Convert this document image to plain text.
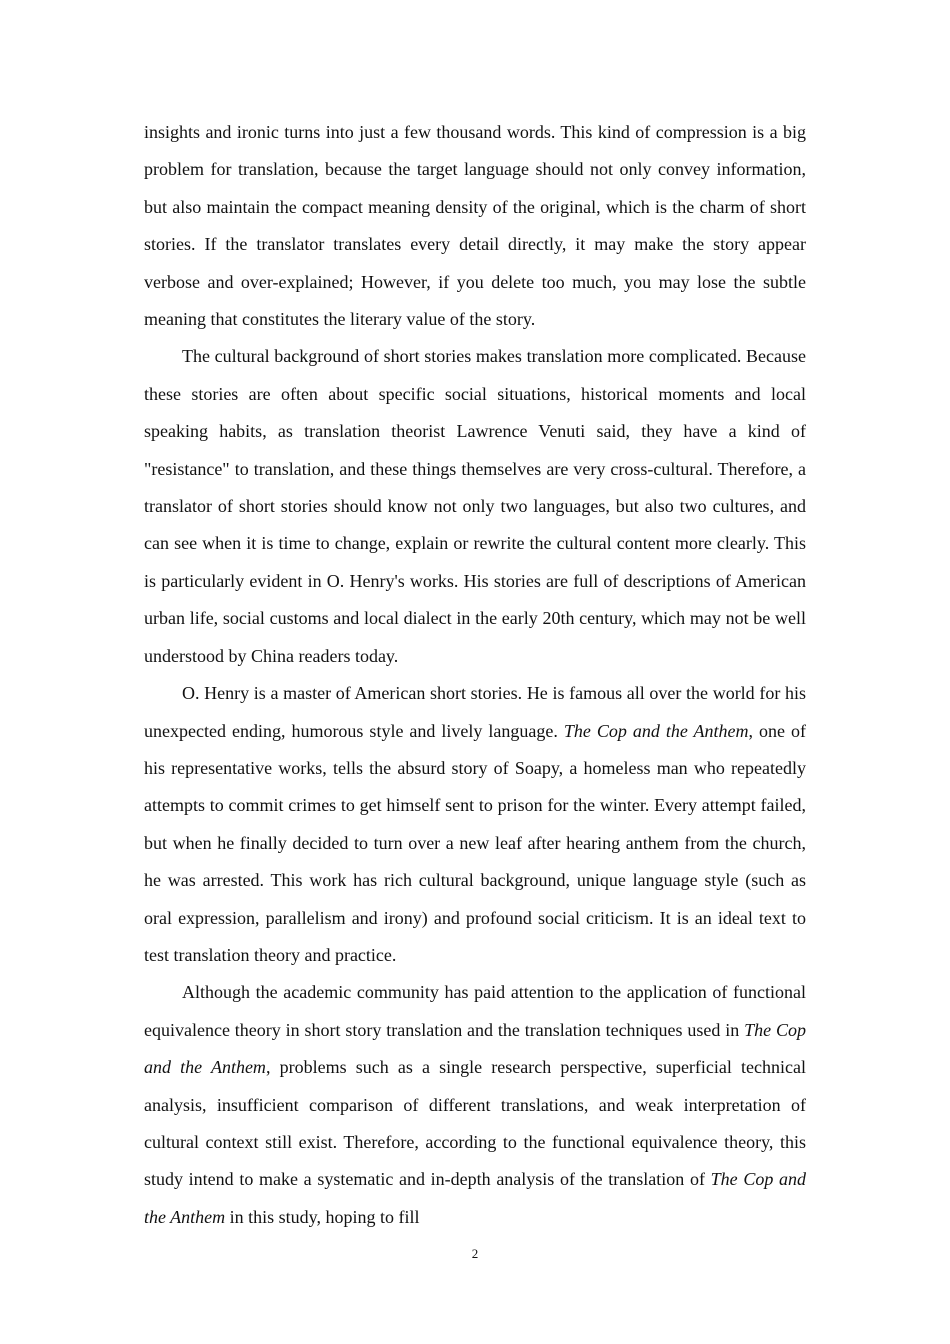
insights and ironic turns into just a few thousand words. This kind of compression is a big problem for translation, because the target language should not only convey information, but also maintain the compact meaning density of the original, which is the charm of short stories. If the translator translates every detail directly, it may make the story appear verbose and over-explained; However, if you delete too much, you may lose the subtle meaning that constitutes the literary value of the story.

The cultural background of short stories makes translation more complicated. Because these stories are often about specific social situations, historical moments and local speaking habits, as translation theorist Lawrence Venuti said, they have a kind of "resistance" to translation, and these things themselves are very cross-cultural. Therefore, a translator of short stories should know not only two languages, but also two cultures, and can see when it is time to change, explain or rewrite the cultural content more clearly. This is particularly evident in O. Henry's works. His stories are full of descriptions of American urban life, social customs and local dialect in the early 20th century, which may not be well understood by China readers today.

O. Henry is a master of American short stories. He is famous all over the world for his unexpected ending, humorous style and lively language. The Cop and the Anthem, one of his representative works, tells the absurd story of Soapy, a homeless man who repeatedly attempts to commit crimes to get himself sent to prison for the winter. Every attempt failed, but when he finally decided to turn over a new leaf after hearing anthem from the church, he was arrested. This work has rich cultural background, unique language style (such as oral expression, parallelism and irony) and profound social criticism. It is an ideal text to test translation theory and practice.

Although the academic community has paid attention to the application of functional equivalence theory in short story translation and the translation techniques used in The Cop and the Anthem, problems such as a single research perspective, superficial technical analysis, insufficient comparison of different translations, and weak interpretation of cultural context still exist. Therefore, according to the functional equivalence theory, this study intend to make a systematic and in-depth analysis of the translation of The Cop and the Anthem in this study, hoping to fill

2
